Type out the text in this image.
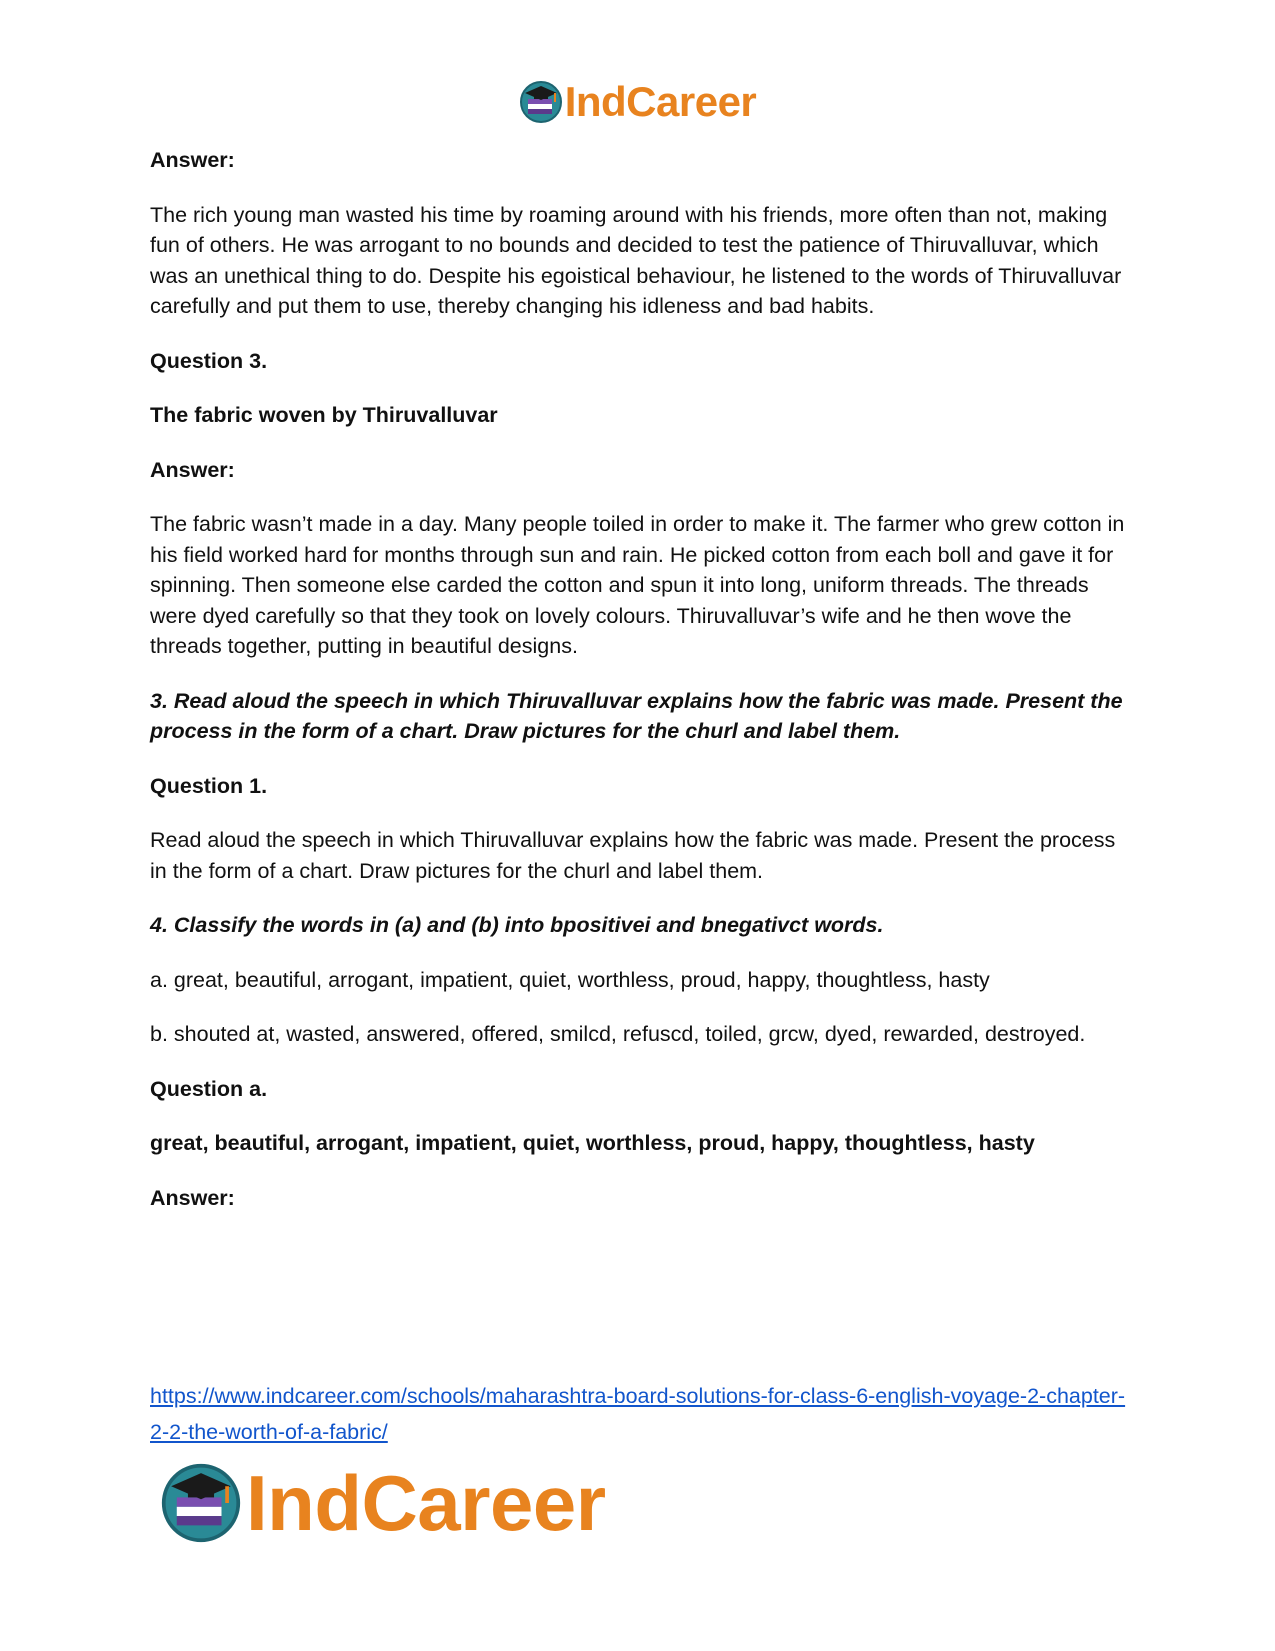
IndCareer

Answer:

The rich young man wasted his time by roaming around with his friends, more often than not, making fun of others. He was arrogant to no bounds and decided to test the patience of Thiruvalluvar, which was an unethical thing to do. Despite his egoistical behaviour, he listened to the words of Thiruvalluvar carefully and put them to use, thereby changing his idleness and bad habits.

Question 3.

The fabric woven by Thiruvalluvar

Answer:

The fabric wasn’t made in a day. Many people toiled in order to make it. The farmer who grew cotton in his field worked hard for months through sun and rain. He picked cotton from each boll and gave it for spinning. Then someone else carded the cotton and spun it into long, uniform threads. The threads were dyed carefully so that they took on lovely colours. Thiruvalluvar’s wife and he then wove the threads together, putting in beautiful designs.

3. Read aloud the speech in which Thiruvalluvar explains how the fabric was made. Present the process in the form of a chart. Draw pictures for the churl and label them.

Question 1.

Read aloud the speech in which Thiruvalluvar explains how the fabric was made. Present the process in the form of a chart. Draw pictures for the churl and label them.

4. Classify the words in (a) and (b) into bpositivei and bnegativct words.

a. great, beautiful, arrogant, impatient, quiet, worthless, proud, happy, thoughtless, hasty

b. shouted at, wasted, answered, offered, smilcd, refuscd, toiled, grcw, dyed, rewarded, destroyed.

Question a.

great, beautiful, arrogant, impatient, quiet, worthless, proud, happy, thoughtless, hasty

Answer:

https://www.indcareer.com/schools/maharashtra-board-solutions-for-class-6-english-voyage-2-chapter-2-2-the-worth-of-a-fabric/
IndCareer
